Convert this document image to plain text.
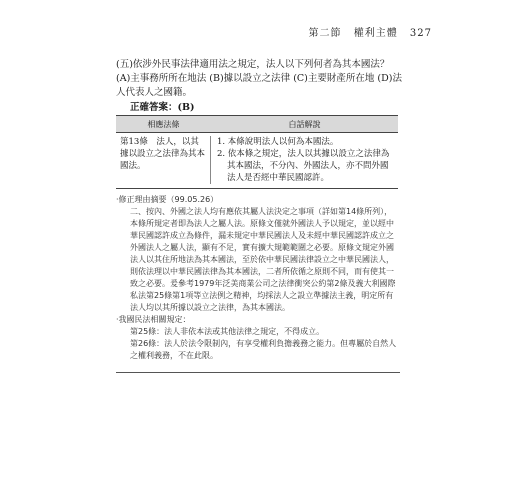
第二節 權利主體 327
(五)依涉外民事法律適用法之規定，法人以下列何者為其本國法？ (A)主事務所所在地法 (B)據以設立之法律 (C)主要財產所在地 (D)法人代表人之國籍。
正確答案：(B)
相應法條	白話解說
第13條　法人，以其據以設立之法律為其本國法。
1. 本條說明法人以何為本國法。
2. 依本條之規定，法人以其據以設立之法律為其本國法，不分內、外國法人，亦不問外國法人是否經中華民國認許。
‧修正理由摘要（99.05.26）
二、按內、外國之法人均有應依其屬人法決定之事項（詳如第14條所列），本條所規定者即為法人之屬人法。原條文僅就外國法人予以規定，並以經中華民國認許成立為條件，漏未規定中華民國法人及未經中華民國認許成立之外國法人之屬人法，顯有不足，實有擴大規範範圍之必要。原條文規定外國法人以其住所地法為其本國法，至於依中華民國法律設立之中華民國法人，則依法理以中華民國法律為其本國法，二者所依循之原則不同，而有使其一致之必要。爰參考1979年泛美商業公司之法律衝突公約第2條及義大利國際私法第25條第1項等立法例之精神，均採法人之設立準據法主義，明定所有法人均以其所據以設立之法律，為其本國法。
‧我國民法相關規定：
第25條：法人非依本法或其他法律之規定，不得成立。
第26條：法人於法令限制內，有享受權利負擔義務之能力。但專屬於自然人之權利義務，不在此限。
